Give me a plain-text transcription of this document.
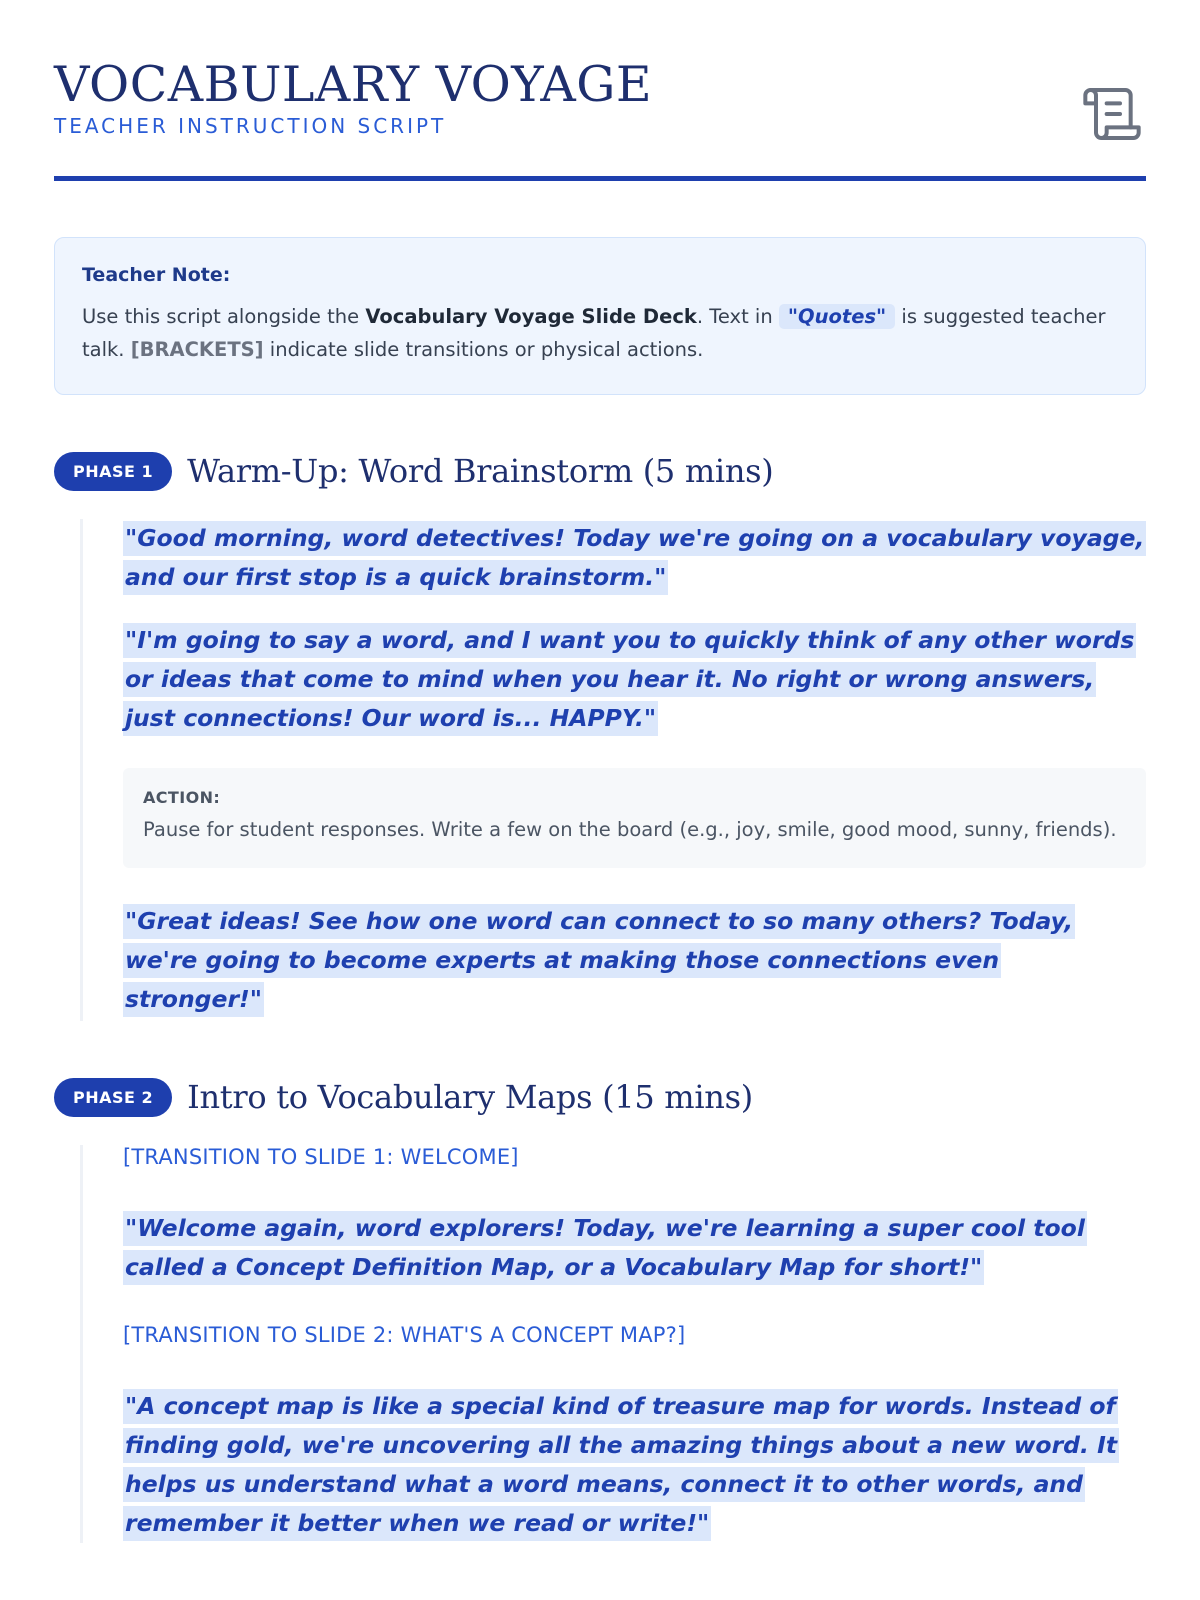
VOCABULARY VOYAGE
TEACHER INSTRUCTION SCRIPT
Teacher Note:

Use this script alongside the Vocabulary Voyage Slide Deck. Text in "Quotes" is suggested teacher talk. [BRACKETS] indicate slide transitions or physical actions.

PHASE 1	Warm-Up: Word Brainstorm (5 mins)

"Good morning, word detectives! Today we're going on a vocabulary voyage, and our first stop is a quick brainstorm."

"I'm going to say a word, and I want you to quickly think of any other words or ideas that come to mind when you hear it. No right or wrong answers, just connections! Our word is... HAPPY."

ACTION:
Pause for student responses. Write a few on the board (e.g., joy, smile, good mood, sunny, friends).

"Great ideas! See how one word can connect to so many others? Today, we're going to become experts at making those connections even stronger!"

PHASE 2	Intro to Vocabulary Maps (15 mins)
[TRANSITION TO SLIDE 1: WELCOME]

"Welcome again, word explorers! Today, we're learning a super cool tool called a Concept Definition Map, or a Vocabulary Map for short!"

[TRANSITION TO SLIDE 2: WHAT'S A CONCEPT MAP?]

"A concept map is like a special kind of treasure map for words. Instead of finding gold, we're uncovering all the amazing things about a new word. It helps us understand what a word means, connect it to other words, and remember it better when we read or write!"
